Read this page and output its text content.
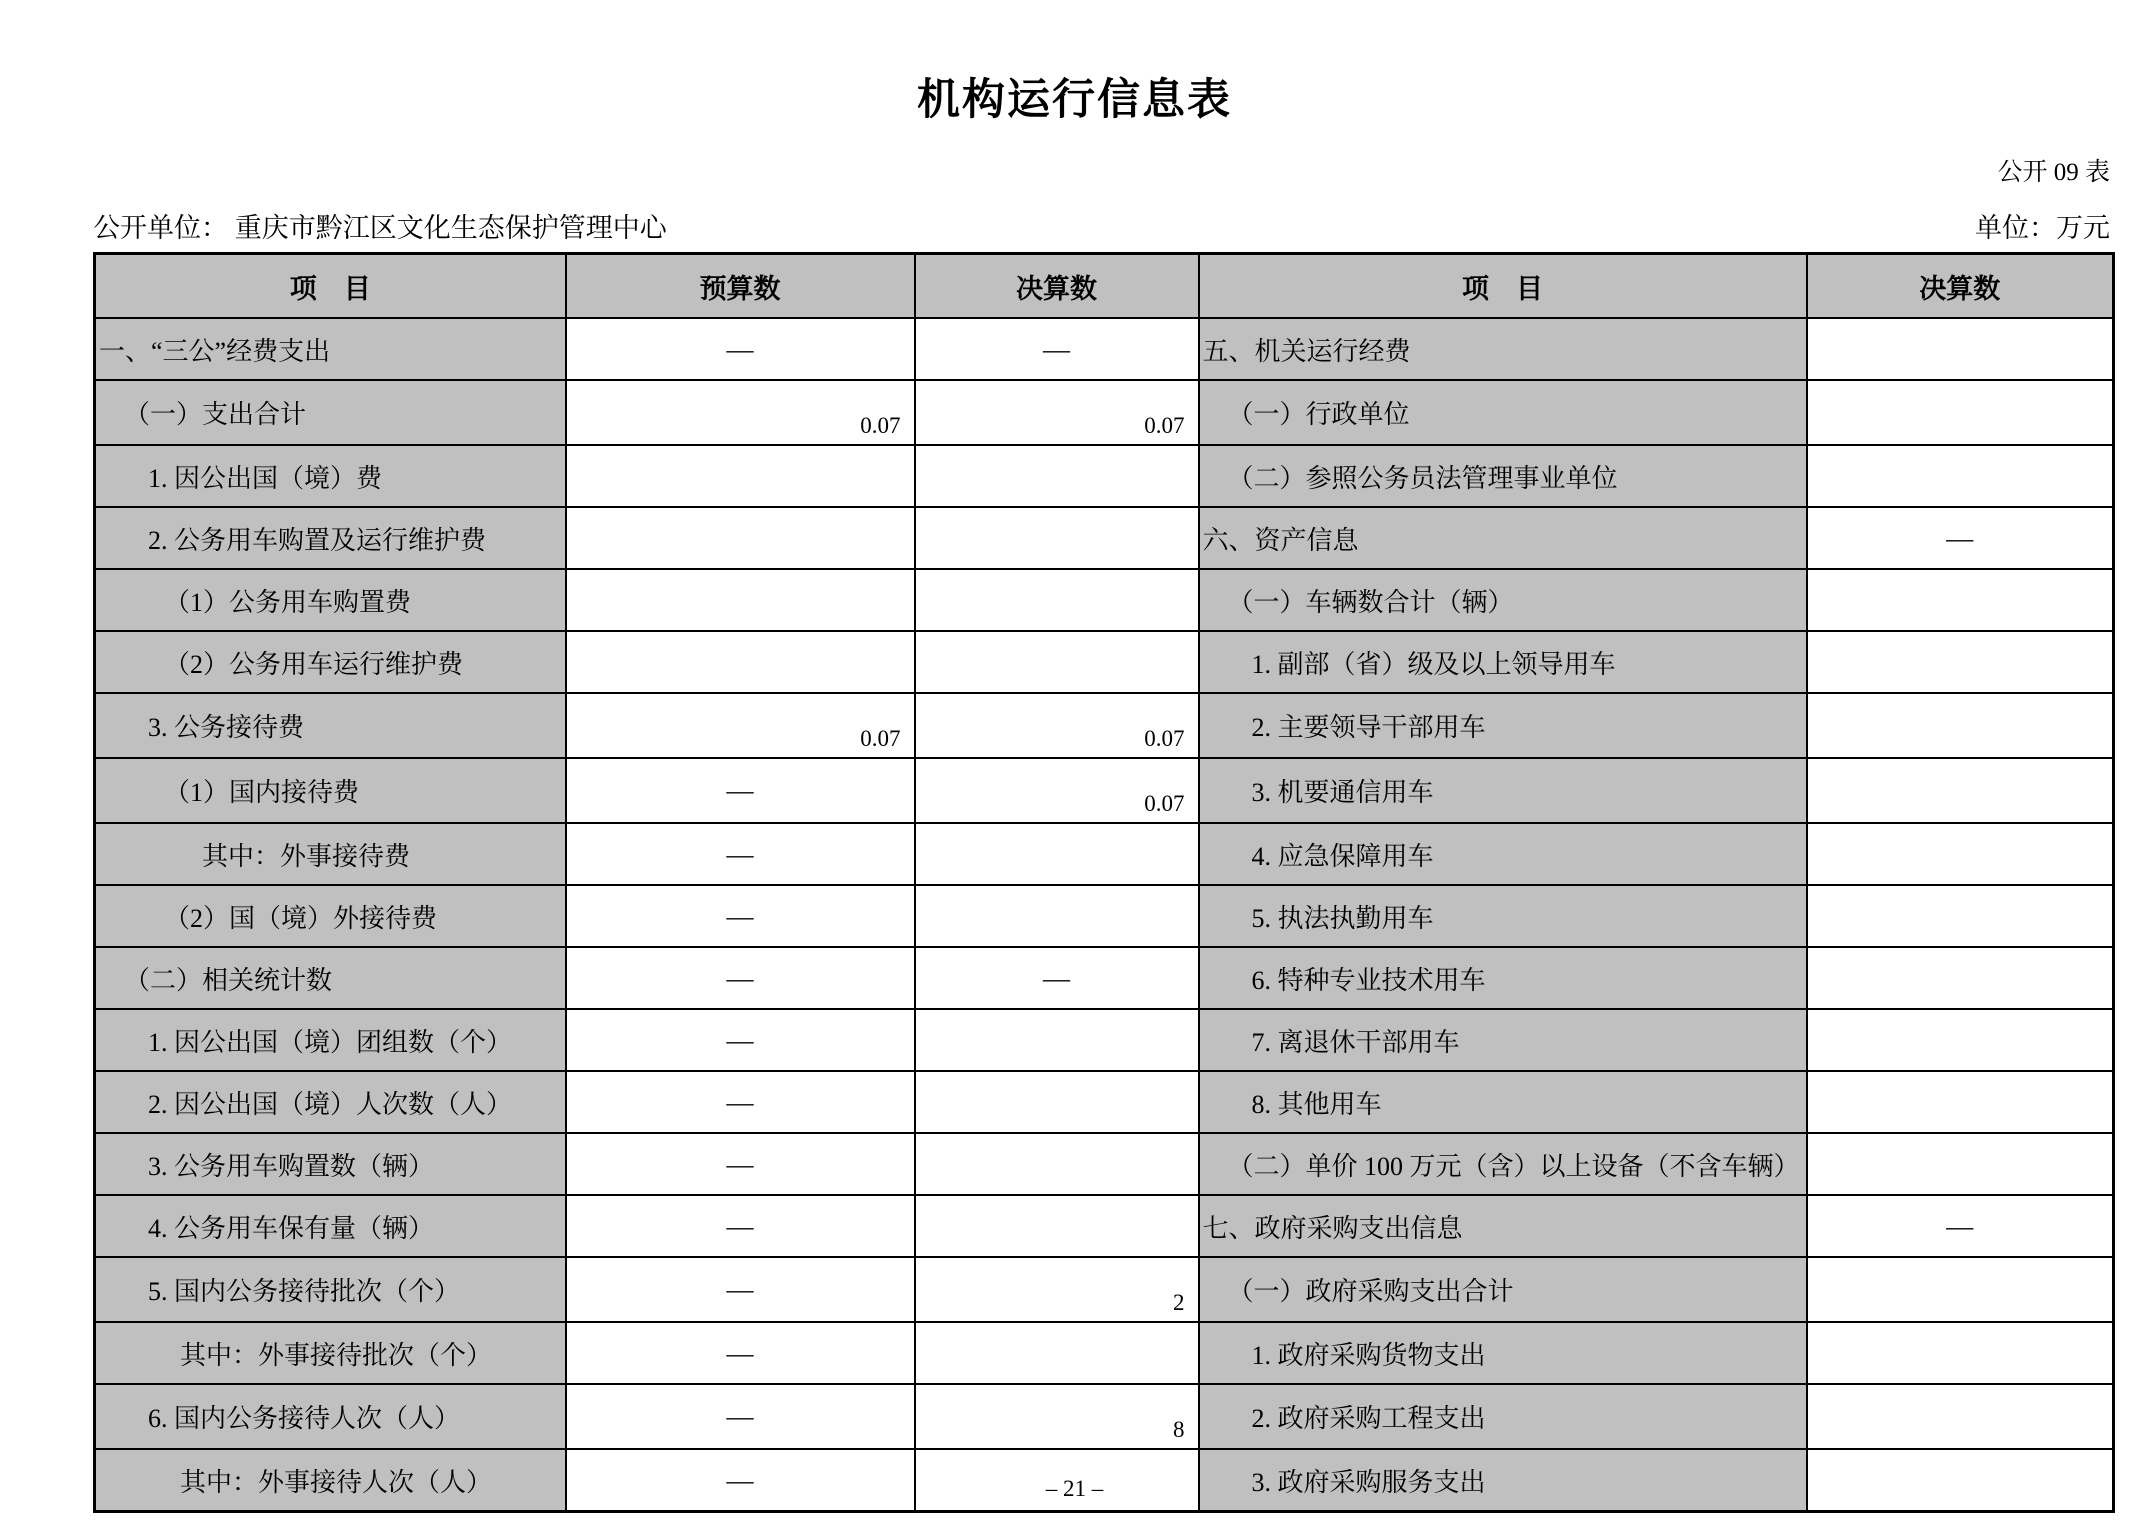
机构运行信息表
公开 09 表
公开单位： 重庆市黔江区文化生态保护管理中心	单位：万元
项　目	预算数	决算数	项　目	决算数
一、“三公”经费支出	—	—	五、机关运行经费	
（一）支出合计	0.07	0.07	（一）行政单位	
1. 因公出国（境）费			（二）参照公务员法管理事业单位	
2. 公务用车购置及运行维护费			六、资产信息	—
（1）公务用车购置费			（一）车辆数合计（辆）	
（2）公务用车运行维护费			1. 副部（省）级及以上领导用车	
3. 公务接待费	0.07	0.07	2. 主要领导干部用车	
（1）国内接待费	—	0.07	3. 机要通信用车	
其中：外事接待费	—		4. 应急保障用车	
（2）国（境）外接待费	—		5. 执法执勤用车	
（二）相关统计数	—	—	6. 特种专业技术用车	
1. 因公出国（境）团组数（个）	—		7. 离退休干部用车	
2. 因公出国（境）人次数（人）	—		8. 其他用车	
3. 公务用车购置数（辆）	—		（二）单价 100 万元（含）以上设备（不含车辆）	
4. 公务用车保有量（辆）	—		七、政府采购支出信息	—
5. 国内公务接待批次（个）	—	2	（一）政府采购支出合计	
其中：外事接待批次（个）	—		1. 政府采购货物支出	
6. 国内公务接待人次（人）	—	8	2. 政府采购工程支出	
其中：外事接待人次（人）	—		3. 政府采购服务支出	
– 21 –
